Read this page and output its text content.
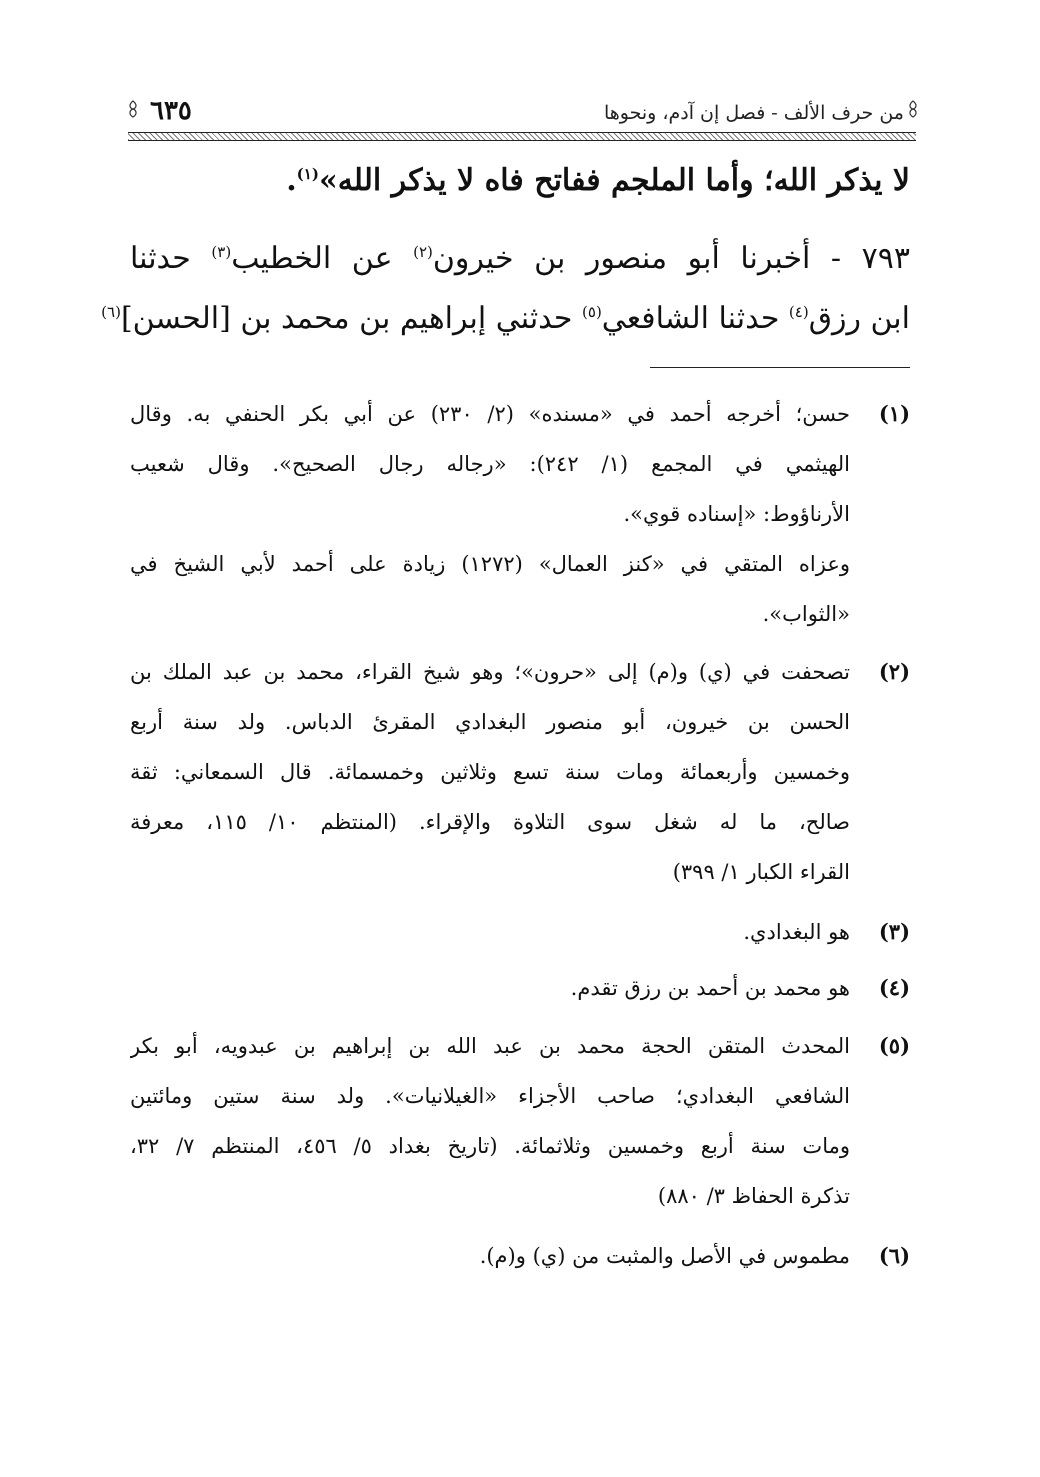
من حرف الألف - فصل إن آدم، ونحوها
٦٣٥
لا يذكر الله؛ وأما الملجم ففاتح فاه لا يذكر الله»$^{(١)}$.
٧٩٣ - أخبرنا أبو منصور بن خيرون$^{(٢)}$ عن الخطيب$^{(٣)}$ حدثنا
ابن رزق$^{(٤)}$ حدثنا الشافعي$^{(٥)}$ حدثني إبراهيم بن محمد بن [الحسن]$^{(٦)}$
(١)
حسن؛ أخرجه أحمد في «مسنده» (٢/ ٢٣٠) عن أبي بكر الحنفي به. وقال
الهيثمي في المجمع (١/ ٢٤٢): «رجاله رجال الصحيح». وقال شعيب
الأرناؤوط: «إسناده قوي».
وعزاه المتقي في «كنز العمال» (١٢٧٢) زيادة على أحمد لأبي الشيخ في
«الثواب».
(٢)
تصحفت في (ي) و(م) إلى «حرون»؛ وهو شيخ القراء، محمد بن عبد الملك بن
الحسن بن خيرون، أبو منصور البغدادي المقرئ الدباس. ولد سنة أربع
وخمسين وأربعمائة ومات سنة تسع وثلاثين وخمسمائة. قال السمعاني: ثقة
صالح، ما له شغل سوى التلاوة والإقراء. (المنتظم ١٠/ ١١٥، معرفة
القراء الكبار ١/ ٣٩٩)
(٣)
هو البغدادي.
(٤)
هو محمد بن أحمد بن رزق تقدم.
(٥)
المحدث المتقن الحجة محمد بن عبد الله بن إبراهيم بن عبدويه، أبو بكر
الشافعي البغدادي؛ صاحب الأجزاء «الغيلانيات». ولد سنة ستين ومائتين
ومات سنة أربع وخمسين وثلاثمائة. (تاريخ بغداد ٥/ ٤٥٦، المنتظم ٧/ ٣٢،
تذكرة الحفاظ ٣/ ٨٨٠)
(٦)
مطموس في الأصل والمثبت من (ي) و(م).
